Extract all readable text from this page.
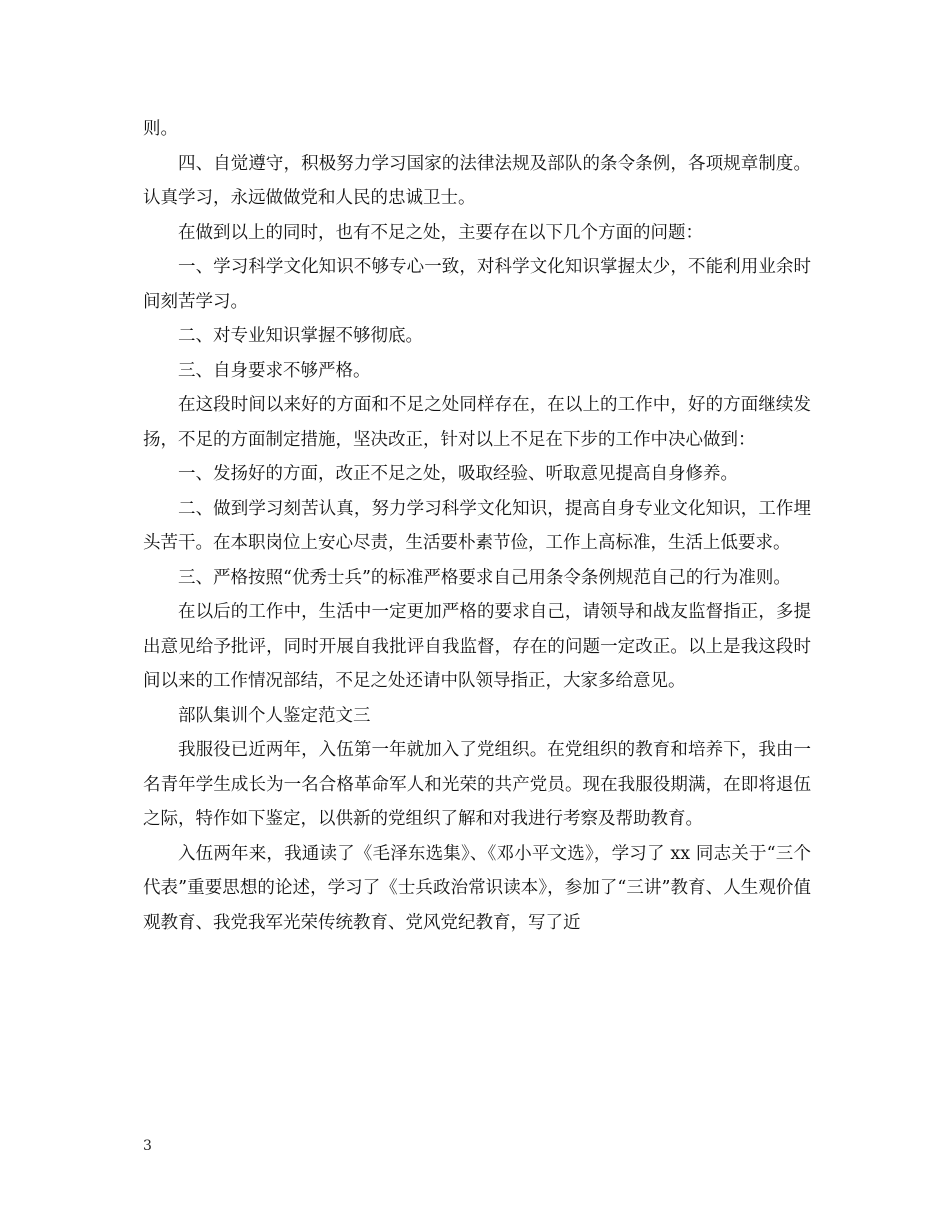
则。

四、自觉遵守，积极努力学习国家的法律法规及部队的条令条例，各项规章制度。认真学习，永远做做党和人民的忠诚卫士。

在做到以上的同时，也有不足之处，主要存在以下几个方面的问题：

一、学习科学文化知识不够专心一致，对科学文化知识掌握太少，不能利用业余时间刻苦学习。

二、对专业知识掌握不够彻底。

三、自身要求不够严格。

在这段时间以来好的方面和不足之处同样存在，在以上的工作中，好的方面继续发扬，不足的方面制定措施，坚决改正，针对以上不足在下步的工作中决心做到：

一、发扬好的方面，改正不足之处，吸取经验、听取意见提高自身修养。

二、做到学习刻苦认真，努力学习科学文化知识，提高自身专业文化知识，工作埋头苦干。在本职岗位上安心尽责，生活要朴素节俭，工作上高标准，生活上低要求。

三、严格按照“优秀士兵”的标准严格要求自己用条令条例规范自己的行为准则。

在以后的工作中，生活中一定更加严格的要求自己，请领导和战友监督指正，多提出意见给予批评，同时开展自我批评自我监督，存在的问题一定改正。以上是我这段时间以来的工作情况部结，不足之处还请中队领导指正，大家多给意见。

部队集训个人鉴定范文三

我服役已近两年，入伍第一年就加入了党组织。在党组织的教育和培养下，我由一名青年学生成长为一名合格革命军人和光荣的共产党员。现在我服役期满，在即将退伍之际，特作如下鉴定，以供新的党组织了解和对我进行考察及帮助教育。

入伍两年来，我通读了《毛泽东选集》、《邓小平文选》，学习了 xx 同志关于“三个代表”重要思想的论述，学习了《士兵政治常识读本》，参加了“三讲”教育、人生观价值观教育、我党我军光荣传统教育、党风党纪教育，写了近

3
